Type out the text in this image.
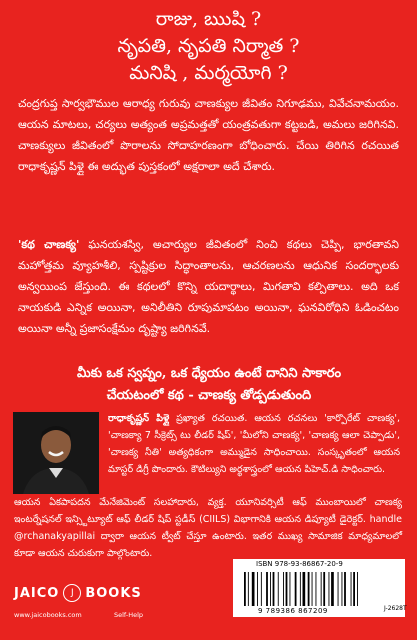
రాజు, ఋషి ?
నృపతి, నృపతి నిర్మాత ?
మనిషి , మర్మయోగి ?
చంద్రగుప్త సార్వభౌముల ఆరాధ్య గురువు చాణక్యుల జీవితం నిగూఢము, వివేచనామయం. ఆయన మాటలు, చర్యలు అత్యంత అప్రమత్తతో యంత్రవతుగా కట్టబడి, అమలు జరిగినవి. చాణక్యులు జీవితంలో పొరాలను సోదాహరణంగా బోధించారు. చేయి తిరిగిన రచయిత రాధాకృష్ణన్ పిళ్లై ఈ అద్భుత పుస్తకంలో అక్షరాలా అదే చేశారు.
'కథ చాణక్య' ఘనయశస్వి, అచార్యుల జీవితంలో నించి కథలు చెప్పి, భారతావని మహోత్తమ వ్యూహశీలి, స్పష్టిక్రుల సిద్ధాంతాలను, ఆచరణలను ఆధునిక సందర్భాలకు అన్వయింప జేస్తుంది. ఈ కథలలో కొన్ని యదార్థాలు, మిగతావి కల్పితాలు. అది ఒక నాయకుడి ఎన్నిక అయినా, అనిలీతిని రూపుమాపటం అయినా, ఘనవిరోధిని ఓడించటం అయినా అన్నీ ప్రజాసంక్షేమం దృష్ట్యా జరిగినవే.
మీకు ఒక స్వప్నం, ఒక ధ్యేయం ఉంటే దానిని సాకారం
చేయటంలో కథ - చాణక్య తోడ్పడుతుంది
రాధాకృష్ణన్ పిళ్లై ప్రఖ్యాత రచయిత. ఆయన రచనలు 'కార్పొరేట్ చాణక్య', 'చాణక్యా 7 సీక్రెట్స్ టు లీడర్ షిప్', 'మీలోని చాణక్య', 'చాణక్య ఆలా చెప్పాడు', 'చాణక్య నీతి' అత్యధికంగా అమ్ముడైన సాధించాయి. సంస్కృతంలో ఆయన మాస్టర్ డిగ్రీ పొందారు. కౌటిల్యుని అర్థశాస్త్రంలో ఆయన పిహెచ్.డి సాధించారు.
ఆయన ఏకపాపదన మేనేజిమెంట్ సలహాదారు, వ్యక్త. యూనివర్సిటీ ఆఫ్ ముంబాయిలో చాణక్య ఇంటర్నేషనల్ ఇన్స్టిట్యూట్ ఆఫ్ లీడర్ షిప్ స్టడీస్ (CIILS) విభాగానికి ఆయన డిప్యూటీ డైరెక్టర్. handle @rchanakyapillai ద్వారా ఆయన ట్వీట్ చేస్తూ ఉంటారు. ఇతర ముఖ్య సామాజిక మాధ్యమాలలో కూడా ఆయన చురుకుగా పాల్గొంటారు.
JAICO	J BOOKS
www.jaicobooks.com	Self-Help
ISBN 978-93-86867-20-9
9 789386 867209	J-2628T
